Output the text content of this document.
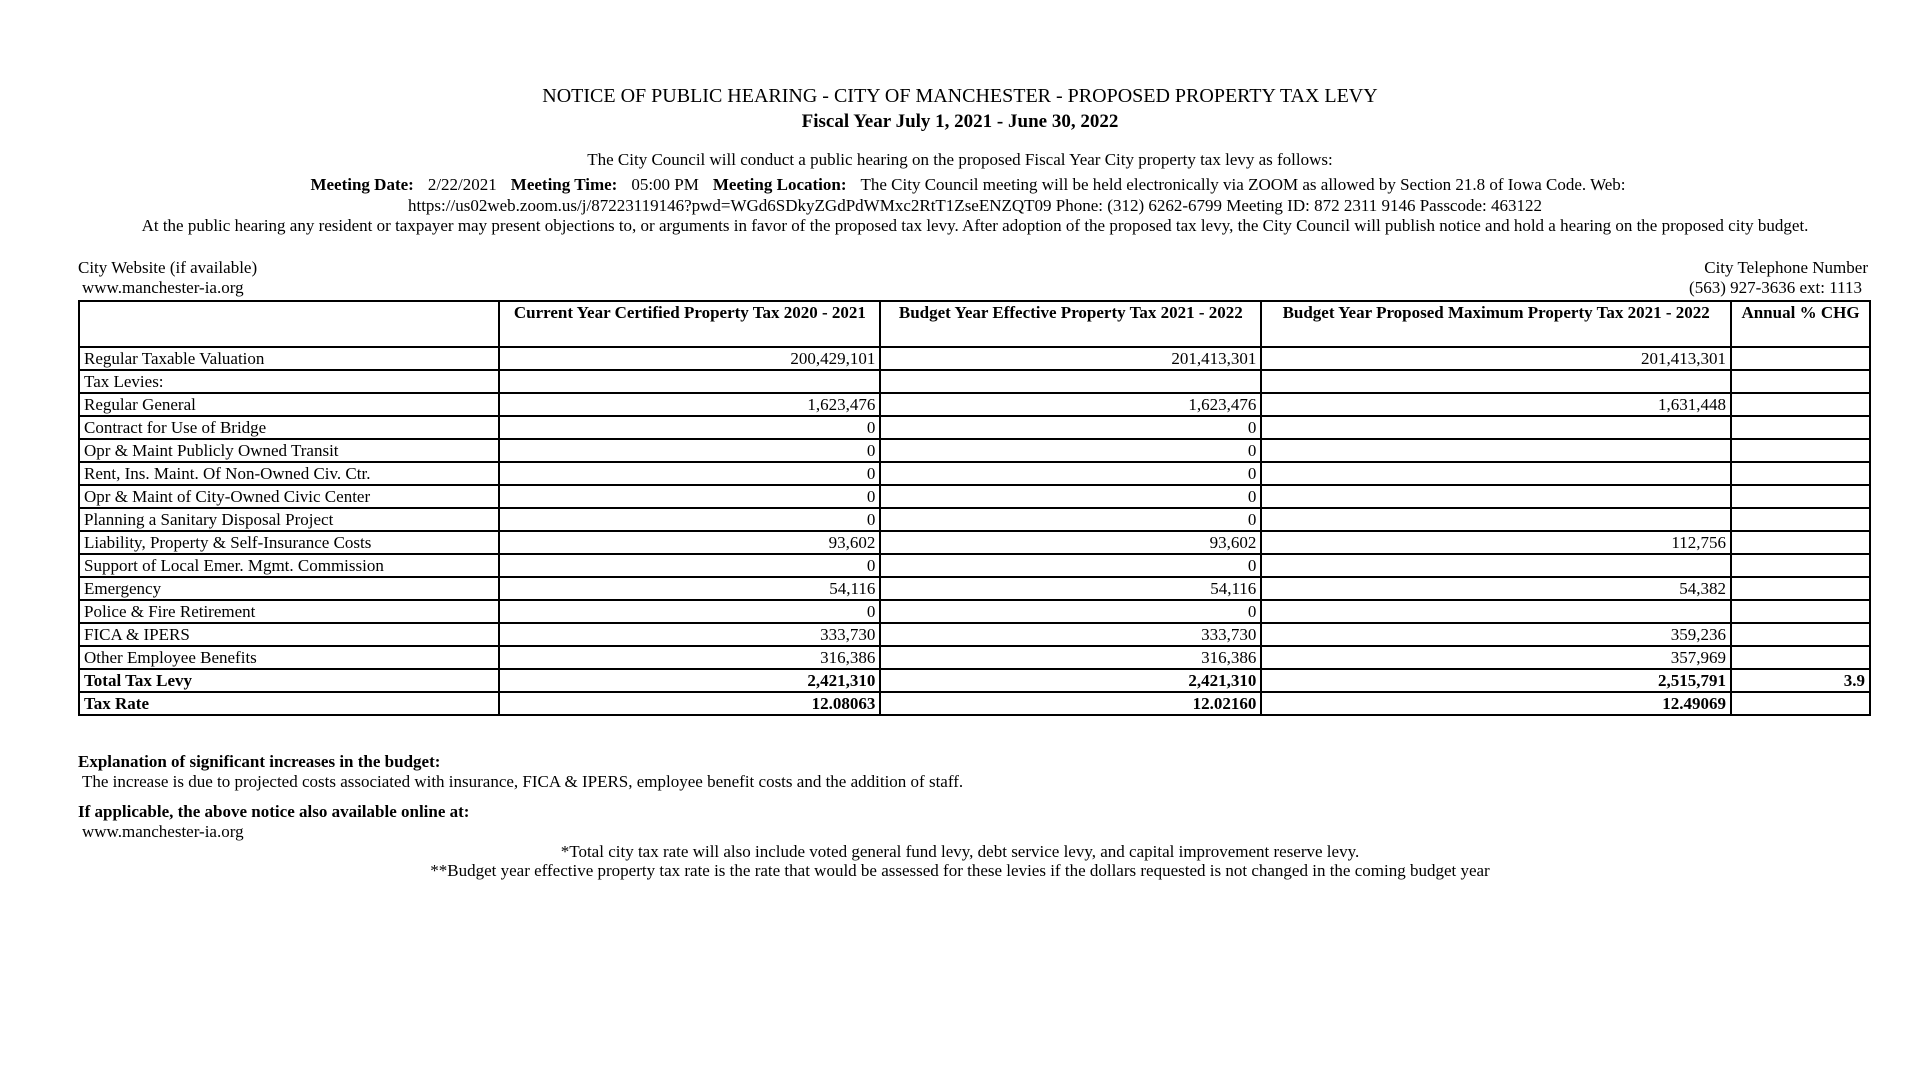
NOTICE OF PUBLIC HEARING - CITY OF MANCHESTER - PROPOSED PROPERTY TAX LEVY
Fiscal Year July 1, 2021 - June 30, 2022
The City Council will conduct a public hearing on the proposed Fiscal Year City property tax levy as follows:
Meeting Date: 2/22/2021 Meeting Time: 05:00 PM Meeting Location: The City Council meeting will be held electronically via ZOOM as allowed by Section 21.8 of Iowa Code. Web:
https://us02web.zoom.us/j/87223119146?pwd=WGd6SDkyZGdPdWMxc2RtT1ZseENZQT09 Phone: (312) 6262-6799 Meeting ID: 872 2311 9146 Passcode: 463122
At the public hearing any resident or taxpayer may present objections to, or arguments in favor of the proposed tax levy. After adoption of the proposed tax levy, the City Council will publish notice and hold a hearing on the proposed city budget.
City Website (if available)
www.manchester-ia.org
City Telephone Number
(563) 927-3636 ext: 1113
	Current Year Certified Property Tax 2020 - 2021	Budget Year Effective Property Tax 2021 - 2022	Budget Year Proposed Maximum Property Tax 2021 - 2022	Annual % CHG
Regular Taxable Valuation	200,429,101	201,413,301	201,413,301	
Tax Levies:				
Regular General	1,623,476	1,623,476	1,631,448	
Contract for Use of Bridge	0	0		
Opr & Maint Publicly Owned Transit	0	0		
Rent, Ins. Maint. Of Non-Owned Civ. Ctr.	0	0		
Opr & Maint of City-Owned Civic Center	0	0		
Planning a Sanitary Disposal Project	0	0		
Liability, Property & Self-Insurance Costs	93,602	93,602	112,756	
Support of Local Emer. Mgmt. Commission	0	0		
Emergency	54,116	54,116	54,382	
Police & Fire Retirement	0	0		
FICA & IPERS	333,730	333,730	359,236	
Other Employee Benefits	316,386	316,386	357,969	
Total Tax Levy	2,421,310	2,421,310	2,515,791	3.9
Tax Rate	12.08063	12.02160	12.49069	
Explanation of significant increases in the budget:
The increase is due to projected costs associated with insurance, FICA & IPERS, employee benefit costs and the addition of staff.
If applicable, the above notice also available online at:
www.manchester-ia.org
*Total city tax rate will also include voted general fund levy, debt service levy, and capital improvement reserve levy.
**Budget year effective property tax rate is the rate that would be assessed for these levies if the dollars requested is not changed in the coming budget year
